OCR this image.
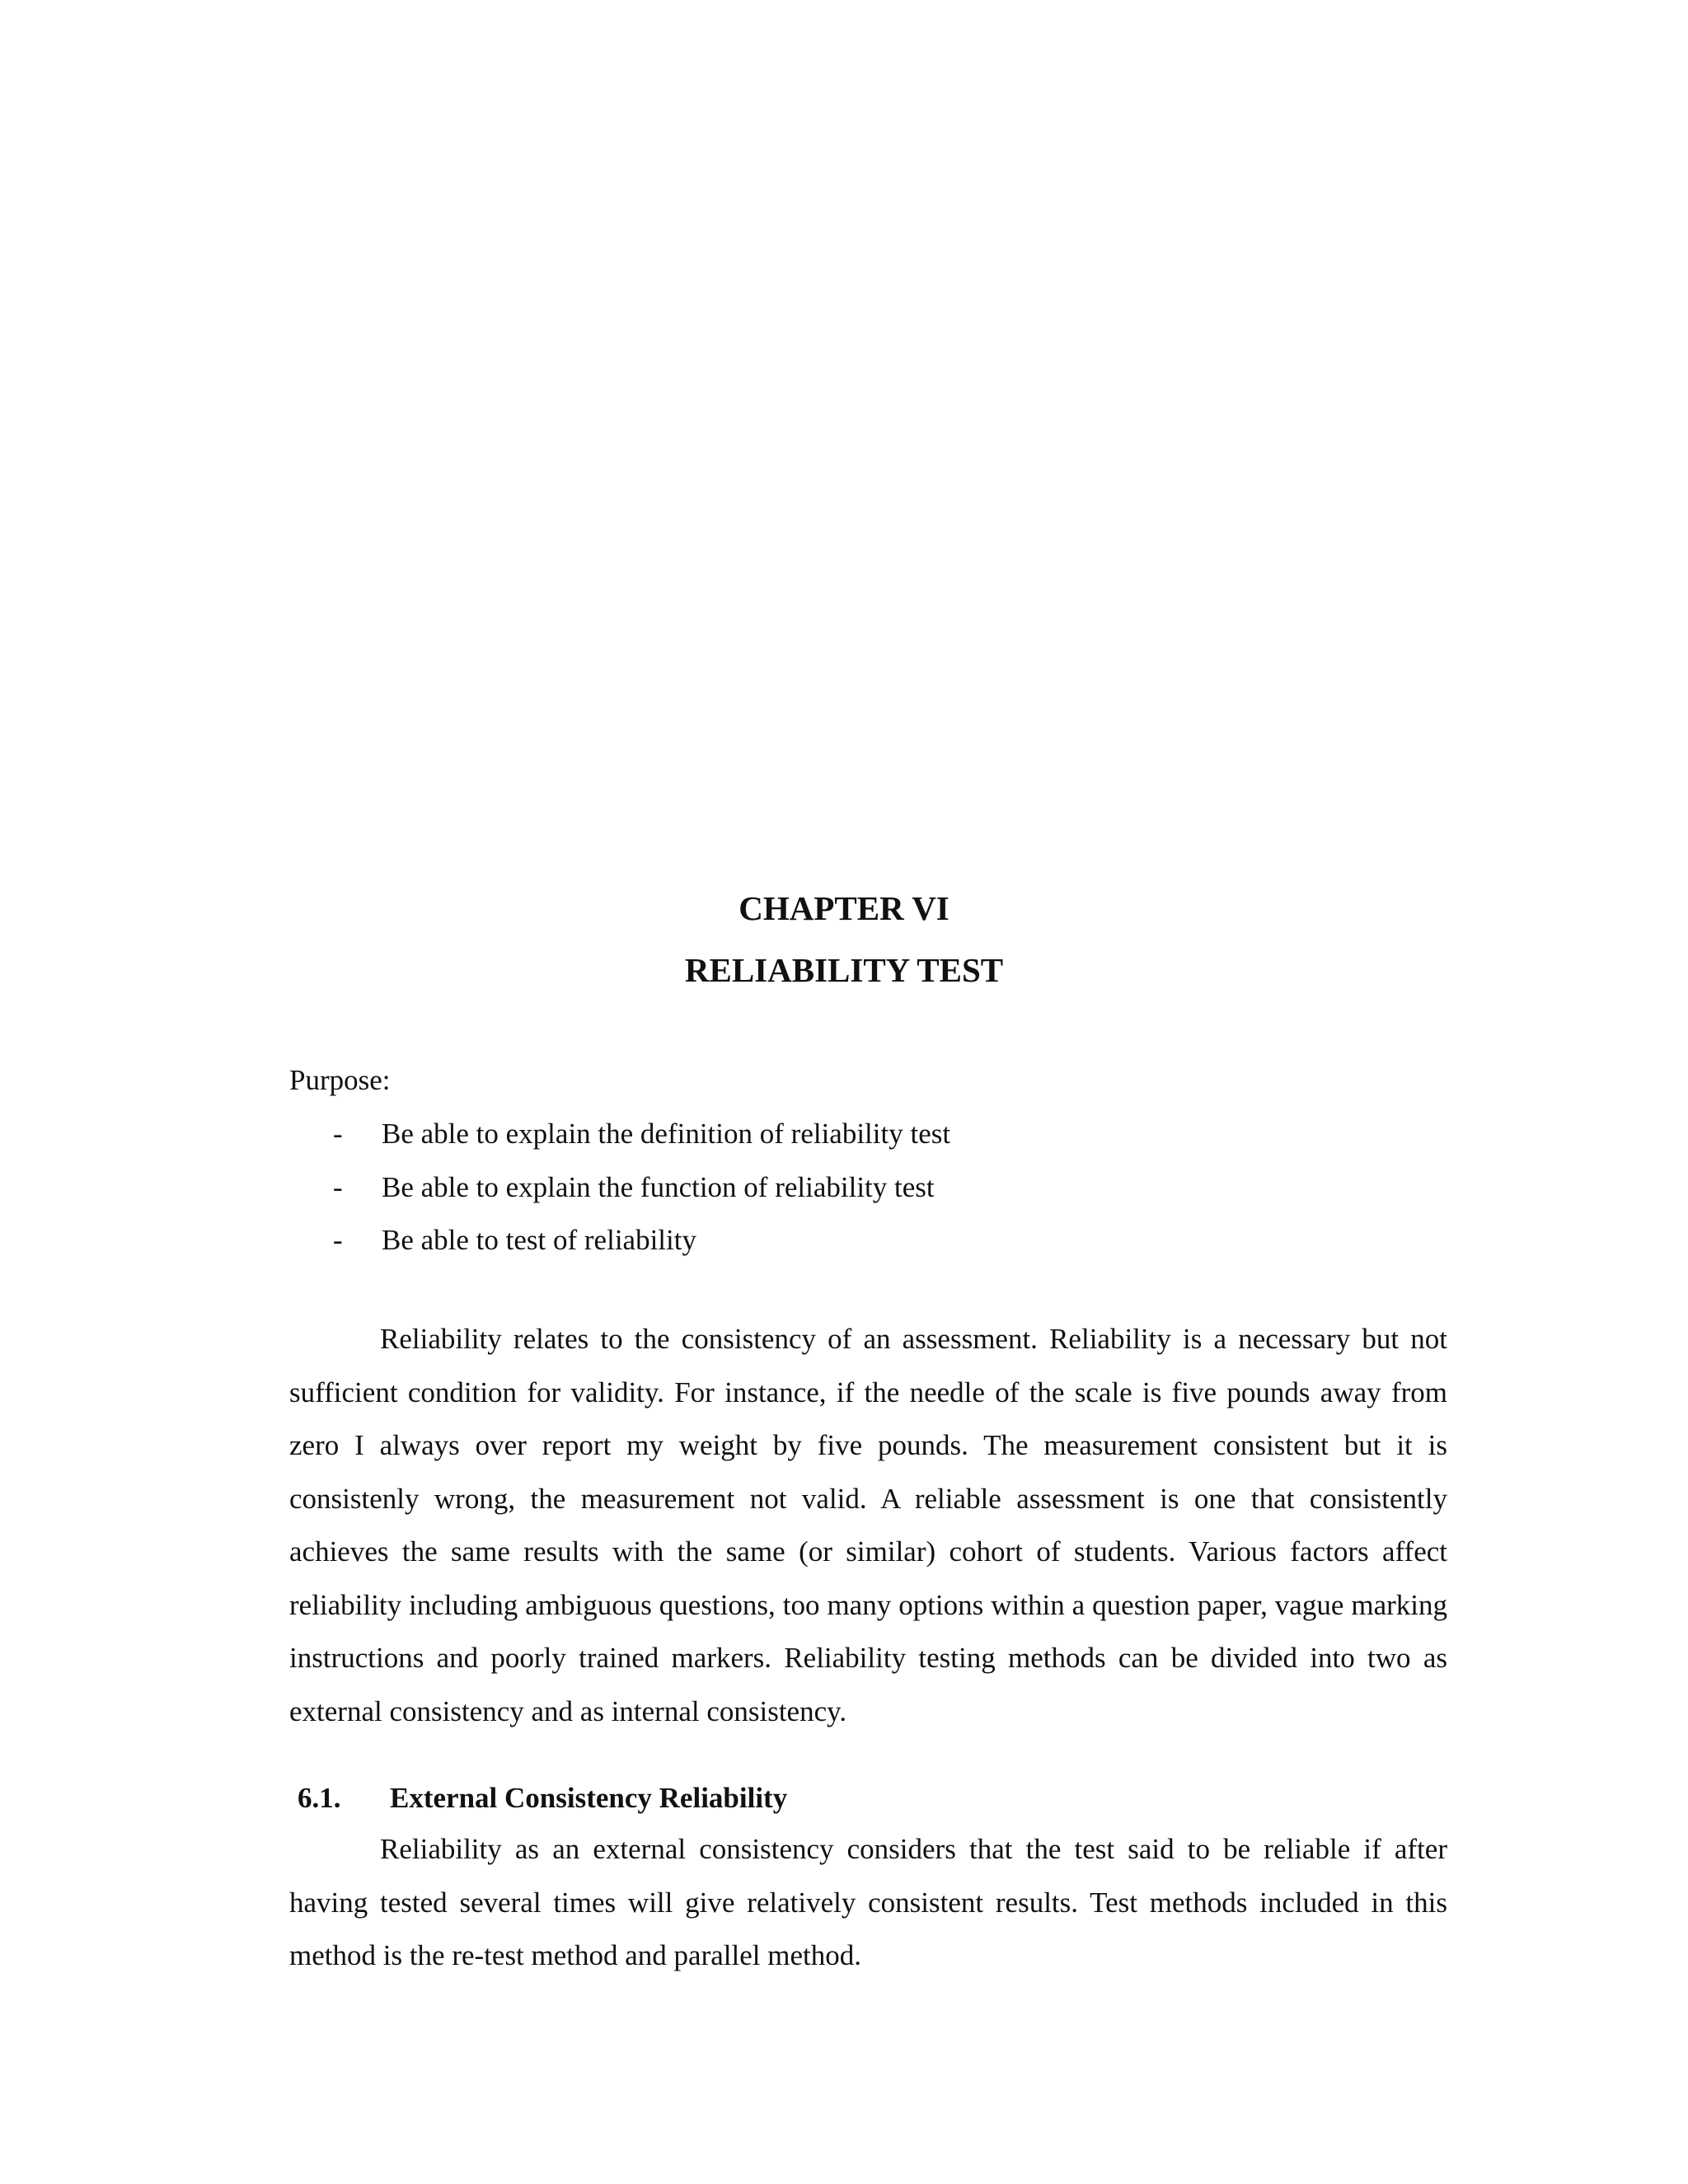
CHAPTER VI
RELIABILITY TEST
Purpose:
- Be able to explain the definition of reliability test
- Be able to explain the function of reliability test
- Be able to test of reliability

Reliability relates to the consistency of an assessment. Reliability is a necessary but not sufficient condition for validity. For instance, if the needle of the scale is five pounds away from zero I always over report my weight by five pounds. The measurement consistent but it is consistenly wrong, the measurement not valid. A reliable assessment is one that consistently achieves the same results with the same (or similar) cohort of students. Various factors affect reliability including ambiguous questions, too many options within a question paper, vague marking instructions and poorly trained markers. Reliability testing methods can be divided into two as external consistency and as internal consistency.

6.1. External Consistency Reliability

Reliability as an external consistency considers that the test said to be reliable if after having tested several times will give relatively consistent results. Test methods included in this method is the re-test method and parallel method.
